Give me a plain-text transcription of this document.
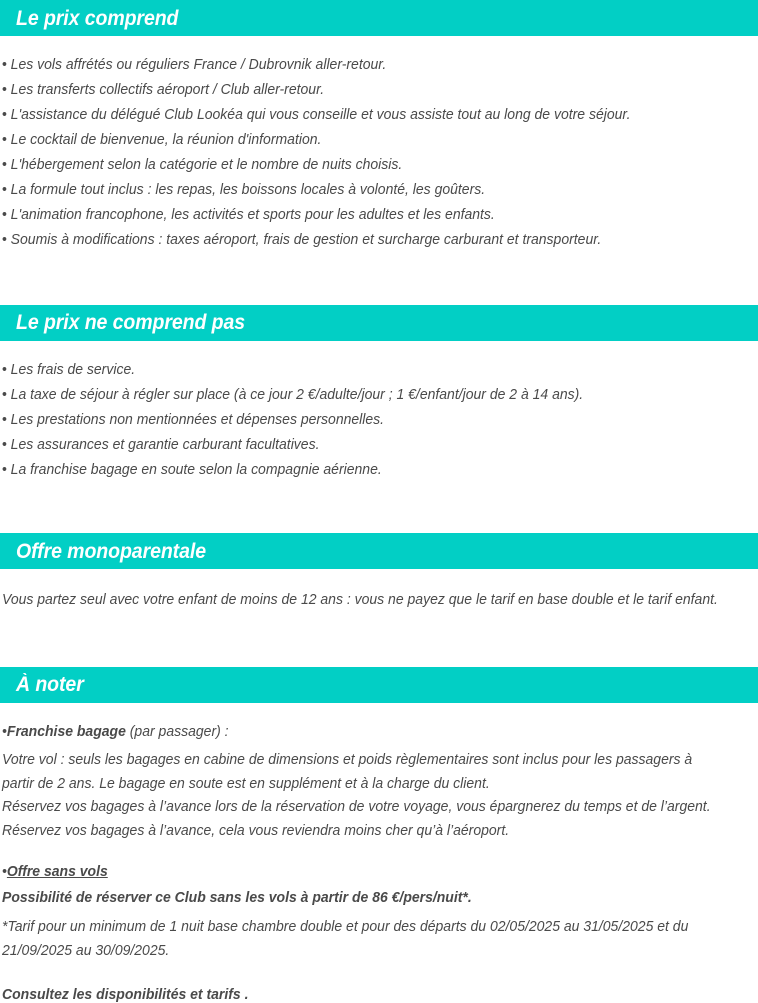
Le prix comprend
• Les vols affrétés ou réguliers France / Dubrovnik aller-retour.
• Les transferts collectifs aéroport / Club aller-retour.
• L'assistance du délégué Club Lookéa qui vous conseille et vous assiste tout au long de votre séjour.
• Le cocktail de bienvenue, la réunion d'information.
• L'hébergement selon la catégorie et le nombre de nuits choisis.
• La formule tout inclus : les repas, les boissons locales à volonté, les goûters.
• L'animation francophone, les activités et sports pour les adultes et les enfants.
• Soumis à modifications : taxes aéroport, frais de gestion et surcharge carburant et transporteur.
Le prix ne comprend pas
• Les frais de service.
• La taxe de séjour à régler sur place (à ce jour 2 €/adulte/jour ; 1 €/enfant/jour de 2 à 14 ans).
• Les prestations non mentionnées et dépenses personnelles.
• Les assurances et garantie carburant facultatives.
• La franchise bagage en soute selon la compagnie aérienne.
Offre monoparentale

Vous partez seul avec votre enfant de moins de 12 ans : vous ne payez que le tarif en base double et le tarif enfant.

À noter

•Franchise bagage (par passager) :

Votre vol : seuls les bagages en cabine de dimensions et poids règlementaires sont inclus pour les passagers à partir de 2 ans. Le bagage en soute est en supplément et à la charge du client.

Réservez vos bagages à l’avance lors de la réservation de votre voyage, vous épargnerez du temps et de l’argent.

Réservez vos bagages à l’avance, cela vous reviendra moins cher qu’à l’aéroport.

•Offre sans vols

Possibilité de réserver ce Club sans les vols à partir de 86 €/pers/nuit*.

*Tarif pour un minimum de 1 nuit base chambre double et pour des départs du 02/05/2025 au 31/05/2025 et du 21/09/2025 au 30/09/2025.

Consultez les disponibilités et tarifs .
